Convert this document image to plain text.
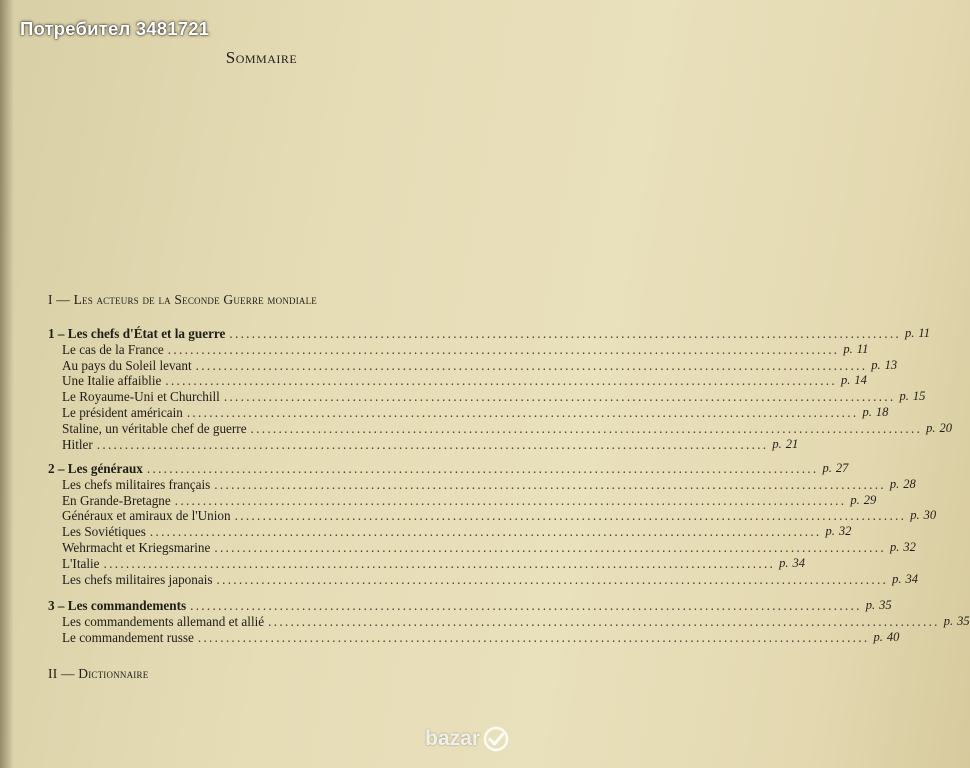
Потребител 3481721
Sommaire
I — Les acteurs de la Seconde Guerre mondiale
1 – Les chefs d'État et la guerre ........................................................................................................................ p. 11
Le cas de la France ........................................................................................................................ p. 11
Au pays du Soleil levant ........................................................................................................................ p. 13
Une Italie affaiblie ........................................................................................................................ p. 14
Le Royaume-Uni et Churchill ........................................................................................................................ p. 15
Le président américain ........................................................................................................................ p. 18
Staline, un véritable chef de guerre ........................................................................................................................ p. 20
Hitler ........................................................................................................................ p. 21
2 – Les généraux ........................................................................................................................ p. 27
Les chefs militaires français ........................................................................................................................ p. 28
En Grande-Bretagne ........................................................................................................................ p. 29
Généraux et amiraux de l'Union ........................................................................................................................ p. 30
Les Soviétiques ........................................................................................................................ p. 32
Wehrmacht et Kriegsmarine ........................................................................................................................ p. 32
L'Italie ........................................................................................................................ p. 34
Les chefs militaires japonais ........................................................................................................................ p. 34
3 – Les commandements ........................................................................................................................ p. 35
Les commandements allemand et allié ........................................................................................................................ p. 35
Le commandement russe ........................................................................................................................ p. 40
II — Dictionnaire
bazar
